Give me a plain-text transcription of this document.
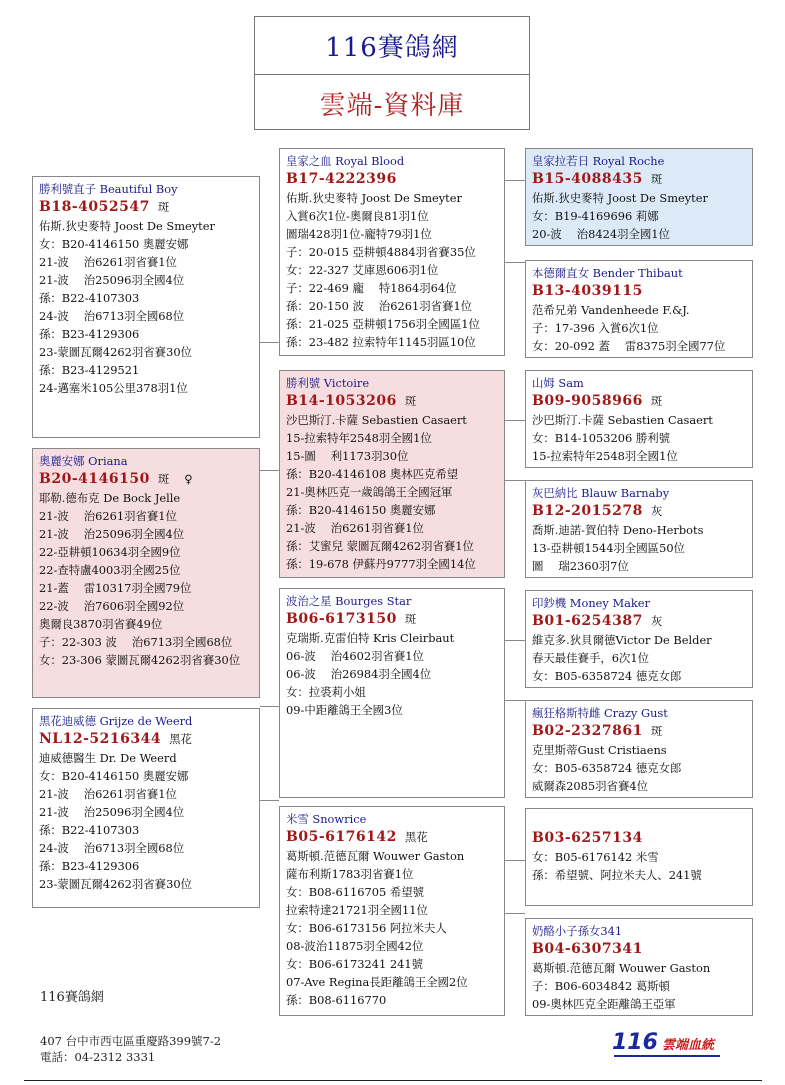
116賽鴿網
雲端-資料庫
勝利號直子 Beautiful Boy
B18-4052547 斑
佑斯.狄史麥特 Joost De Smeyter
女：B20-4146150 奧麗安娜
21-波　 治6261羽省賽1位
21-波　 治25096羽全國4位
孫：B22-4107303
24-波　 治6713羽全國68位
孫：B23-4129306
23-蒙圖瓦爾4262羽省賽30位
孫：B23-4129521
24-邁塞米105公里378羽1位
奧麗安娜 Oriana
B20-4146150 斑　 ♀
耶勒.德布克 De Bock Jelle
21-波　 治6261羽省賽1位
21-波　 治25096羽全國4位
22-亞耕頓10634羽全國9位
22-查特盧4003羽全國25位
21-蓋　 雷10317羽全國79位
22-波　 治7606羽全國92位
奧爾良3870羽省賽49位
子：22-303 波　 治6713羽全國68位
女：23-306 蒙圖瓦爾4262羽省賽30位
黑花迪威德 Grijze de Weerd
NL12-5216344 黑花
迪威德醫生 Dr. De Weerd
女：B20-4146150 奧麗安娜
21-波　 治6261羽省賽1位
21-波　 治25096羽全國4位
孫：B22-4107303
24-波　 治6713羽全國68位
孫：B23-4129306
23-蒙圖瓦爾4262羽省賽30位
皇家之血 Royal Blood
B17-4222396
佑斯.狄史麥特 Joost De Smeyter
入賞6次1位-奧爾良81羽1位
圖瑞428羽1位-龐特79羽1位
子：20-015 亞耕頓4884羽省賽35位
女：22-327 艾庫恩606羽1位
子：22-469 龐　 特1864羽64位
孫：20-150 波　 治6261羽省賽1位
孫：21-025 亞耕頓1756羽全國區1位
孫：23-482 拉索特年1145羽區10位
勝利號 Victoire
B14-1053206 斑
沙巴斯汀.卡薩 Sebastien Casaert
15-拉索特年2548羽全國1位
15-圖　 利1173羽30位
孫：B20-4146108 奧林匹克希望
21-奧林匹克一歲鴿鴿王全國冠軍
孫：B20-4146150 奧麗安娜
21-波　 治6261羽省賽1位
孫：艾蜜兒 蒙圖瓦爾4262羽省賽1位
孫：19-678 伊蘇丹9777羽全國14位
波治之星 Bourges Star
B06-6173150 斑
克瑞斯.克雷伯特 Kris Cleirbaut
06-波　 治4602羽省賽1位
06-波　 治26984羽全國4位
女：拉裘莉小姐
09-中距離鴿王全國3位
米雪 Snowrice
B05-6176142 黑花
葛斯頓.范德瓦爾 Wouwer Gaston
薩布利斯1783羽省賽1位
女：B08-6116705 希望號
拉索特達21721羽全國11位
女：B06-6173156 阿拉米夫人
08-波治11875羽全國42位
女：B06-6173241 241號
07-Ave Regina長距離鴿王全國2位
孫：B08-6116770
皇家拉若日 Royal Roche
B15-4088435 斑
佑斯.狄史麥特 Joost De Smeyter
女：B19-4169696 莉娜
20-波　 治8424羽全國1位
本德爾直女 Bender Thibaut
B13-4039115
范希兄弟 Vandenheede F.&J.
子：17-396 入賞6次1位
女：20-092 蓋　 雷8375羽全國77位
山姆 Sam
B09-9058966 斑
沙巴斯汀.卡薩 Sebastien Casaert
女：B14-1053206 勝利號
15-拉索特年2548羽全國1位
灰巴納比 Blauw Barnaby
B12-2015278 灰
喬斯.迪諾-賀伯特 Deno-Herbots
13-亞耕頓1544羽全國區50位
圖　 瑞2360羽7位
印鈔機 Money Maker
B01-6254387 灰
維克多.狄貝爾德Victor De Belder
春天最佳賽手，6次1位
女：B05-6358724 德克女郎
瘋狂格斯特雌 Crazy Gust
B02-2327861 斑
克里斯蒂Gust Cristiaens
女：B05-6358724 德克女郎
威爾森2085羽省賽4位
B03-6257134
女：B05-6176142 米雪
孫：希望號、阿拉米夫人、241號
奶酪小子孫女341
B04-6307341
葛斯頓.范德瓦爾 Wouwer Gaston
子：B06-6034842 葛斯頓
09-奧林匹克全距離鴿王亞軍
116賽鴿網
407 台中市西屯區重慶路399號7-2
電話：04-2312 3331
116 雲端血統
